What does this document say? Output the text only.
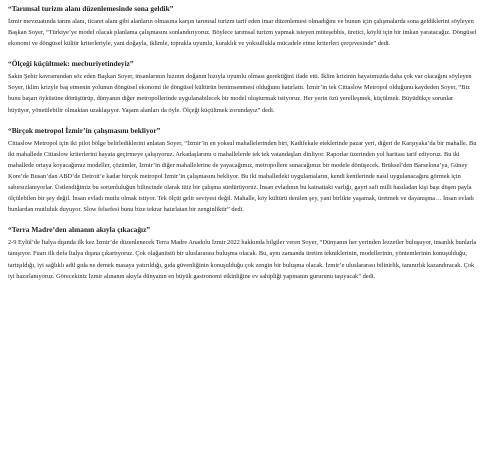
“Tarımsal turizm alanı düzenlemesinde sona geldik”

İzmir mevzuatında tarım alanı, ticaret alanı gibi alanların olmasına karşın tarımsal turizm tarif eden imar düzenlemesi olmadığını ve bunun için çalışmalarda sona geldiklerini söyleyen Başkan Soyer, “Türkiye’ye model olacak planlama çalışmasını sonlandırıyoruz. Böylece tarımsal turizm yapmak isteyen müteşebbis, üretici, köylü için bir imkan yaratacağız. Döngüsel ekonomi ve döngüsel kültür kriterleriyle, yani doğayla, iklimle, toprakla uyumlu, kuraklık ve yoksullukla mücadele etme kriterleri çerçevesinde” dedi.

“Ölçeği küçültmek: mecburiyetindeyiz”

Sakin Şehir kavramından söz eden Başkan Soyer, insanlarının hızının doğanın hızıyla uyumlu olması gerektiğini ifade etti. İklim krizinin hayatımızda daha çok var olacağını söyleyen Soyer, iklim krizyle baş etmenin yolunun döngüsel ekonomi ile döngüsel kültürün benimsenmesi olduğunu hatırlattı. İzmir’in tek Cittaslow Metropol olduğunu kaydeden Soyer, “Biz bunu başarı öyküsüne dönüştürüp, dünyanın diğer metropollerinde uygulanabilecek bir model oluşturmak istiyoruz. Her yerin özü yerelleşmek, küçülmek. Büyüdükçe sorunlar büyüyor, yönetilebilir olmaktan uzaklaşıyor. Yaşam alanları da öyle. Ölçeği küçültmek zorundayız” dedi.

“Birçok metropol İzmir’in çalışmasını bekliyor”

Cittaslow Metropol için iki pilot bölge belirlediklerini anlatan Soyer, “İzmir’in en yoksul mahallelerinden biri, Kadifekale eteklerinde pazar yeri, diğeri de Karşıyaka’da bir mahalle. Bu iki mahallede Cittaslow kriterlerini hayata geçirmeye çalışıyoruz. Arkadaşlarımı o mahallelerde tek tek vatandaşları dinliyor. Raporlar üzerinden yol haritası tarif ediyoruz. Bu iki mahallede ortaya koyacağımız modeller, çözümler, İzmir’in diğer mahallelerine de yayacağımız, metropollere sunacağımız bir modele dönüşecek. Brüksel’den Barselona’ya, Güney Kore’de Busan’dan ABD’de Detroit’e kadar birçok metropol İzmir’in çalışmasını bekliyor. Bu iki mahalledeki uygulamaların, kendi kentlerinde nasıl uygulanacağını görmek için sabırsızlanıyorlar. Üstlendiğimiz bu sorumluluğun bilincinde olarak titiz bir çalışma sürdürüyoruz. İnsan evladının bu kainattaki varlığı, gayri safi milli hasıladan kişi başı düşen payla ölçülebilen bir şey değil. İnsan evladı mutlu olmak istiyor. Tek ölçüt gelir seviyesi değil. Mahalle, köy kültürü denilen şey, yani birlikte yaşamak, üretmek ve dayanışma… İnsan evladı bunlardan mutluluk duyuyor. Slow felsefesi bunu bize tekrar hatırlatan bir zenginliktir” dedi.

“Terra Madre’den alınanın akıyla çıkacağız”

2-9 Eylül’de İtalya dışında ilk kez İzmir’de düzenlenecek Terra Madre Anadolu İzmir 2022 hakkında bilgiler veren Soyer, “Dünyanın her yerinden lezzetler buluşuyor, insanlık bunlarla tanışıyor. Fuarı ilk defa İtalya dışına çıkartıyoruz. Çok olağanüstü bir uluslararası buluşma olacak. Bu, aynı zamanda üretim tekniklerinin, modellerinin, yöntemlerinin konuşulduğu, tartışıldığı, iyi sağlıklı adil gıda ne demek masaya yatırıldığı, gıda güvenliğinin konuşulduğu çok zengin bir buluşma olacak. İzmir’e uluslararası bilinirlik, tanınırlık kazandıracak. Çok iyi hazırlanıyoruz. Görecekiniz İzmir alınanın akıyla dünyanın en büyük gastronomi etkinliğine ev sahipliği yapmanın gururunu taşıyacak” dedi.
